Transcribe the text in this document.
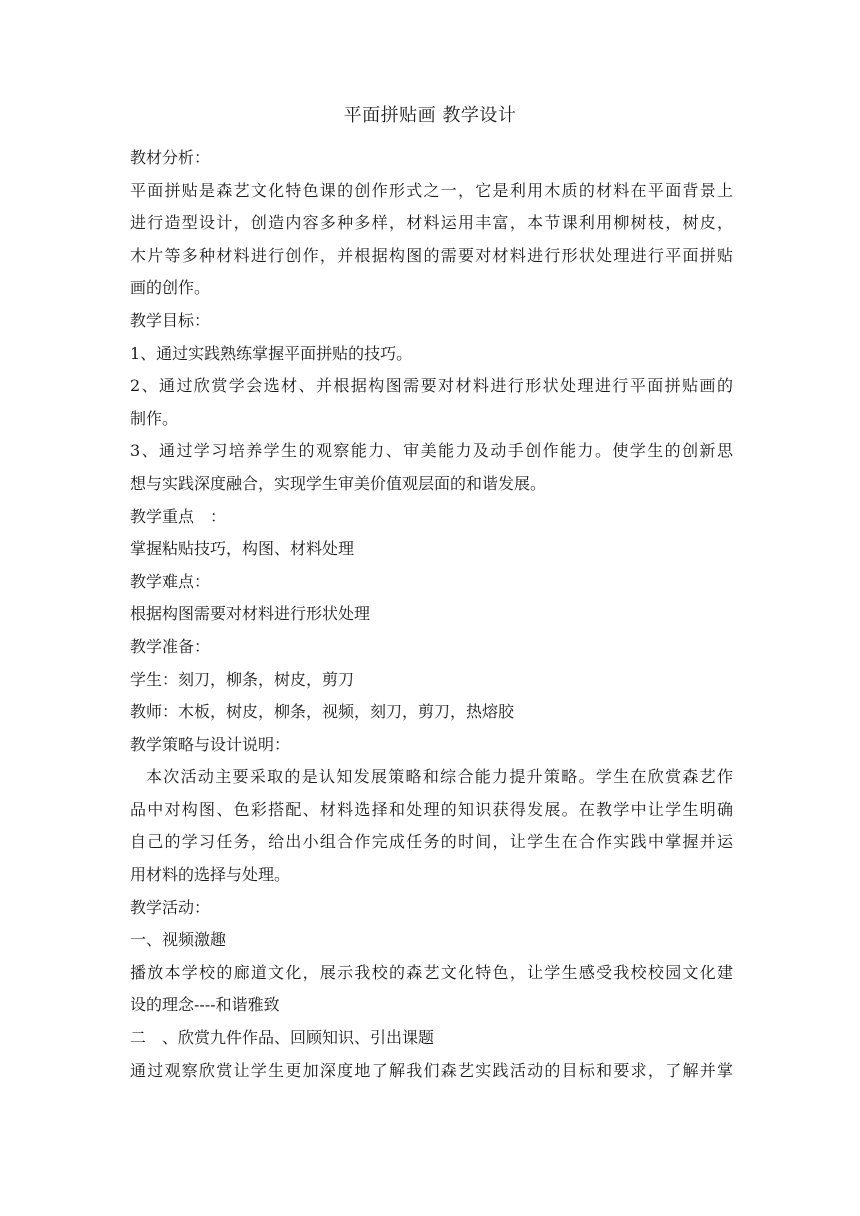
平面拼贴画 教学设计
教材分析：
平面拼贴是森艺文化特色课的创作形式之一，它是利用木质的材料在平面背景上
进行造型设计，创造内容多种多样，材料运用丰富，本节课利用柳树枝，树皮，
木片等多种材料进行创作，并根据构图的需要对材料进行形状处理进行平面拼贴
画的创作。
教学目标：
1、通过实践熟练掌握平面拼贴的技巧。
2、通过欣赏学会选材、并根据构图需要对材料进行形状处理进行平面拼贴画的
制作。
3、通过学习培养学生的观察能力、审美能力及动手创作能力。使学生的创新思
想与实践深度融合，实现学生审美价值观层面的和谐发展。
教学重点　：
掌握粘贴技巧，构图、材料处理
教学难点：
根据构图需要对材料进行形状处理
教学准备：
学生：刻刀，柳条，树皮，剪刀
教师：木板，树皮，柳条，视频，刻刀，剪刀，热熔胶
教学策略与设计说明：
本次活动主要采取的是认知发展策略和综合能力提升策略。学生在欣赏森艺作
品中对构图、色彩搭配、材料选择和处理的知识获得发展。在教学中让学生明确
自己的学习任务，给出小组合作完成任务的时间，让学生在合作实践中掌握并运
用材料的选择与处理。
教学活动：
一、视频激趣
播放本学校的廊道文化，展示我校的森艺文化特色，让学生感受我校校园文化建
设的理念----和谐雅致
二　、欣赏九件作品、回顾知识、引出课题
通过观察欣赏让学生更加深度地了解我们森艺实践活动的目标和要求，了解并掌
